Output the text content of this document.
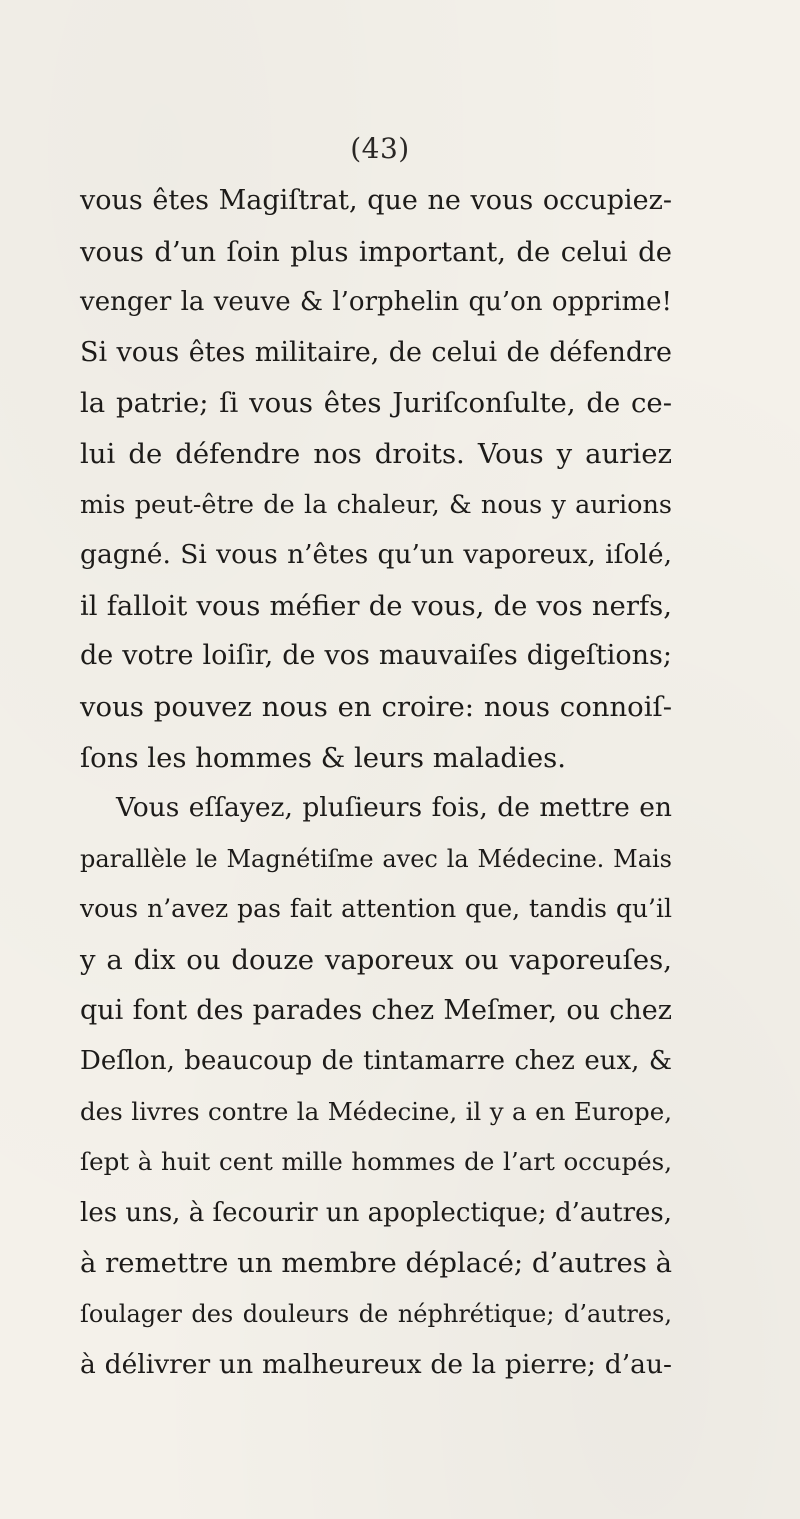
(43)
vous êtes Magiſtrat, que ne vous occupiez-
vous d’un ſoin plus important, de celui de
venger la veuve & l’orphelin qu’on opprime!
Si vous êtes militaire, de celui de défendre
la patrie; ſi vous êtes Juriſconſulte, de ce-
lui de défendre nos droits. Vous y auriez
mis peut-être de la chaleur, & nous y aurions
gagné. Si vous n’êtes qu’un vaporeux, iſolé,
il falloit vous méfier de vous, de vos nerfs,
de votre loiſir, de vos mauvaiſes digeſtions;
vous pouvez nous en croire: nous connoiſ-
ſons les hommes & leurs maladies.
Vous eſſayez, pluſieurs fois, de mettre en
parallèle le Magnétiſme avec la Médecine. Mais
vous n’avez pas fait attention que, tandis qu’il
y a dix ou douze vaporeux ou vaporeuſes,
qui font des parades chez Meſmer, ou chez
Deſlon, beaucoup de tintamarre chez eux, &
des livres contre la Médecine, il y a en Europe,
ſept à huit cent mille hommes de l’art occupés,
les uns, à ſecourir un apoplectique; d’autres,
à remettre un membre déplacé; d’autres à
ſoulager des douleurs de néphrétique; d’autres,
à délivrer un malheureux de la pierre; d’au-
